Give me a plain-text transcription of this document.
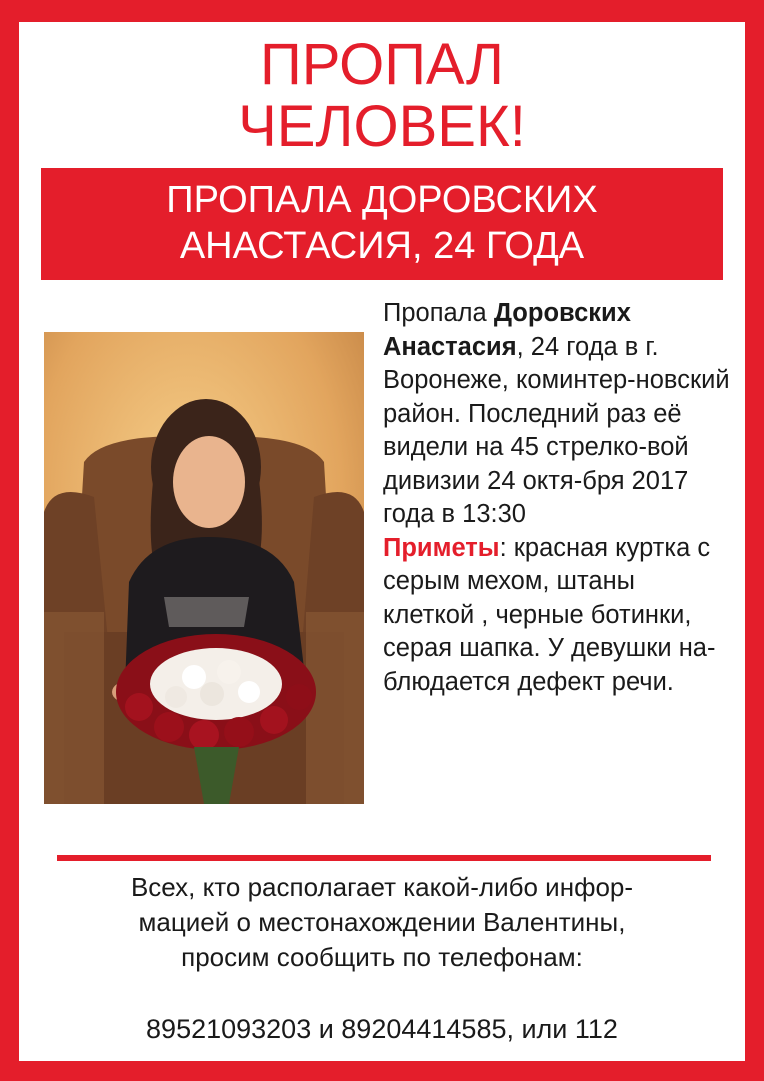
ПРОПАЛ
ЧЕЛОВЕК!
ПРОПАЛА ДОРОВСКИХ
АНАСТАСИЯ, 24 ГОДА
Пропала Доровских Анастасия, 24 года в г. Воронеже, коминтер-новский район. Последний раз её видели на 45 стрелко-вой дивизии 24 октя-бря 2017 года в 13:30
Приметы: красная куртка с серым мехом, штаны клеткой , черные ботинки, серая шапка. У девушки на-блюдается дефект речи.
Всех, кто располагает какой-либо инфор-
мацией о местонахождении Валентины,
просим сообщить по телефонам:
89521093203 и 89204414585, или 112
